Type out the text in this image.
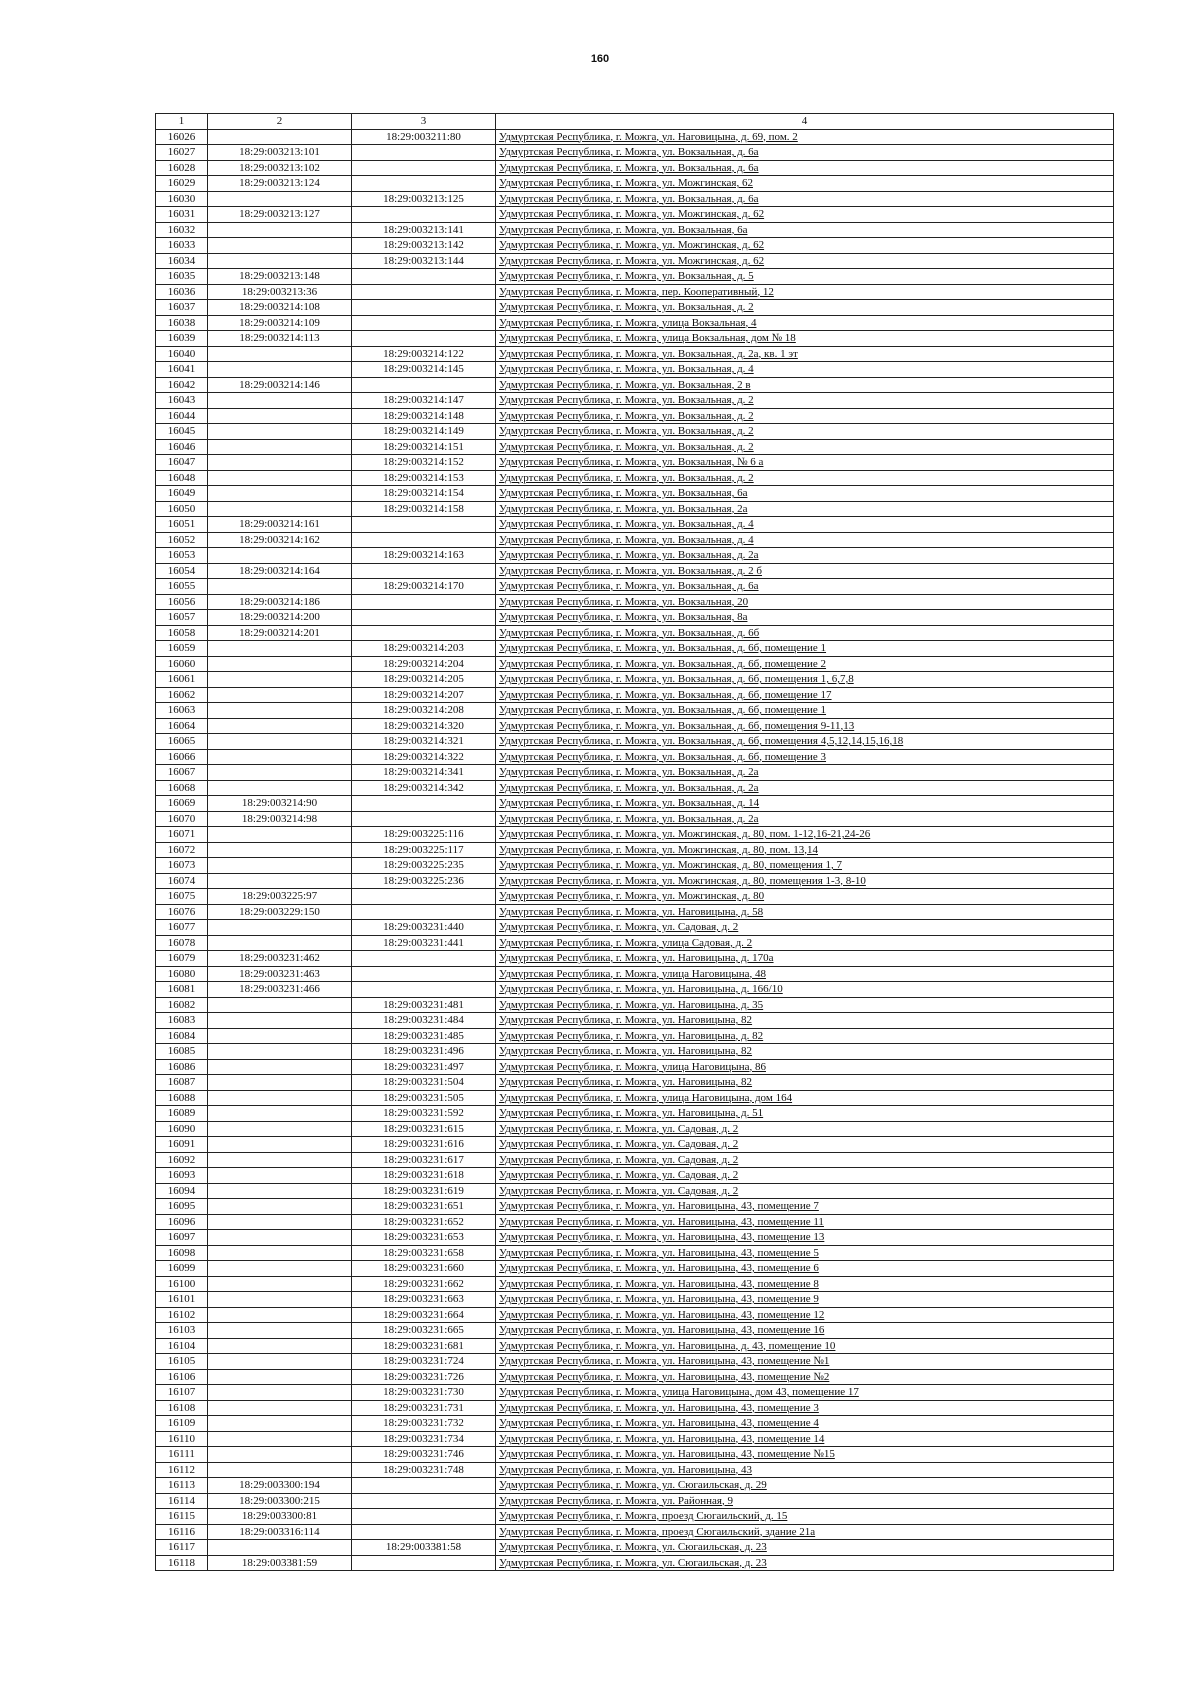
160
1	2	3	4
16026		18:29:003211:80	Удмуртская Республика, г. Можга, ул. Наговицына, д. 69, пом. 2
16027	18:29:003213:101		Удмуртская Республика, г. Можга, ул. Вокзальная, д. 6а
16028	18:29:003213:102		Удмуртская Республика, г. Можга, ул. Вокзальная, д. 6а
16029	18:29:003213:124		Удмуртская Республика, г. Можга, ул. Можгинская, 62
16030		18:29:003213:125	Удмуртская Республика, г. Можга, ул. Вокзальная, д. 6а
16031	18:29:003213:127		Удмуртская Республика, г. Можга, ул. Можгинская, д. 62
16032		18:29:003213:141	Удмуртская Республика, г. Можга, ул. Вокзальная, 6а
16033		18:29:003213:142	Удмуртская Республика, г. Можга, ул. Можгинская, д. 62
16034		18:29:003213:144	Удмуртская Республика, г. Можга, ул. Можгинская, д. 62
16035	18:29:003213:148		Удмуртская Республика, г. Можга, ул. Вокзальная, д. 5
16036	18:29:003213:36		Удмуртская Республика, г. Можга, пер. Кооперативный, 12
16037	18:29:003214:108		Удмуртская Республика, г. Можга, ул. Вокзальная, д. 2
16038	18:29:003214:109		Удмуртская Республика, г. Можга, улица Вокзальная, 4
16039	18:29:003214:113		Удмуртская Республика, г. Можга, улица Вокзальная, дом № 18
16040		18:29:003214:122	Удмуртская Республика, г. Можга, ул. Вокзальная, д. 2а, кв. 1 эт
16041		18:29:003214:145	Удмуртская Республика, г. Можга, ул. Вокзальная, д. 4
16042	18:29:003214:146		Удмуртская Республика, г. Можга, ул. Вокзальная, 2 в
16043		18:29:003214:147	Удмуртская Республика, г. Можга, ул. Вокзальная, д. 2
16044		18:29:003214:148	Удмуртская Республика, г. Можга, ул. Вокзальная, д. 2
16045		18:29:003214:149	Удмуртская Республика, г. Можга, ул. Вокзальная, д. 2
16046		18:29:003214:151	Удмуртская Республика, г. Можга, ул. Вокзальная, д. 2
16047		18:29:003214:152	Удмуртская Республика, г. Можга, ул. Вокзальная, № 6 а
16048		18:29:003214:153	Удмуртская Республика, г. Можга, ул. Вокзальная, д. 2
16049		18:29:003214:154	Удмуртская Республика, г. Можга, ул. Вокзальная, 6а
16050		18:29:003214:158	Удмуртская Республика, г. Можга, ул. Вокзальная, 2а
16051	18:29:003214:161		Удмуртская Республика, г. Можга, ул. Вокзальная, д. 4
16052	18:29:003214:162		Удмуртская Республика, г. Можга, ул. Вокзальная, д. 4
16053		18:29:003214:163	Удмуртская Республика, г. Можга, ул. Вокзальная, д. 2а
16054	18:29:003214:164		Удмуртская Республика, г. Можга, ул. Вокзальная, д. 2 б
16055		18:29:003214:170	Удмуртская Республика, г. Можга, ул. Вокзальная, д. 6а
16056	18:29:003214:186		Удмуртская Республика, г. Можга, ул. Вокзальная, 20
16057	18:29:003214:200		Удмуртская Республика, г. Можга, ул. Вокзальная, 8а
16058	18:29:003214:201		Удмуртская Республика, г. Можга, ул. Вокзальная, д. 6б
16059		18:29:003214:203	Удмуртская Республика, г. Можга, ул. Вокзальная, д. 6б, помещение 1
16060		18:29:003214:204	Удмуртская Республика, г. Можга, ул. Вокзальная, д. 6б, помещение 2
16061		18:29:003214:205	Удмуртская Республика, г. Можга, ул. Вокзальная, д. 6б, помещения 1, 6,7,8
16062		18:29:003214:207	Удмуртская Республика, г. Можга, ул. Вокзальная, д. 6б, помещение 17
16063		18:29:003214:208	Удмуртская Республика, г. Можга, ул. Вокзальная, д. 6б, помещение 1
16064		18:29:003214:320	Удмуртская Республика, г. Можга, ул. Вокзальная, д. 6б, помещения 9-11,13
16065		18:29:003214:321	Удмуртская Республика, г. Можга, ул. Вокзальная, д. 6б, помещения 4,5,12,14,15,16,18
16066		18:29:003214:322	Удмуртская Республика, г. Можга, ул. Вокзальная, д. 6б, помещение 3
16067		18:29:003214:341	Удмуртская Республика, г. Можга, ул. Вокзальная, д. 2а
16068		18:29:003214:342	Удмуртская Республика, г. Можга, ул. Вокзальная, д. 2а
16069	18:29:003214:90		Удмуртская Республика, г. Можга, ул. Вокзальная, д. 14
16070	18:29:003214:98		Удмуртская Республика, г. Можга, ул. Вокзальная, д. 2а
16071		18:29:003225:116	Удмуртская Республика, г. Можга, ул. Можгинская, д. 80, пом. 1-12,16-21,24-26
16072		18:29:003225:117	Удмуртская Республика, г. Можга, ул. Можгинская, д. 80, пом. 13,14
16073		18:29:003225:235	Удмуртская Республика, г. Можга, ул. Можгинская, д. 80, помещения 1, 7
16074		18:29:003225:236	Удмуртская Республика, г. Можга, ул. Можгинская, д. 80, помещения 1-3, 8-10
16075	18:29:003225:97		Удмуртская Республика, г. Можга, ул. Можгинская, д. 80
16076	18:29:003229:150		Удмуртская Республика, г. Можга, ул. Наговицына, д. 58
16077		18:29:003231:440	Удмуртская Республика, г. Можга, ул. Садовая, д. 2
16078		18:29:003231:441	Удмуртская Республика, г. Можга, улица Садовая, д. 2
16079	18:29:003231:462		Удмуртская Республика, г. Можга, ул. Наговицына, д. 170а
16080	18:29:003231:463		Удмуртская Республика, г. Можга, улица Наговицына, 48
16081	18:29:003231:466		Удмуртская Республика, г. Можга, ул. Наговицына, д. 166/10
16082		18:29:003231:481	Удмуртская Республика, г. Можга, ул. Наговицына, д. 35
16083		18:29:003231:484	Удмуртская Республика, г. Можга, ул. Наговицына, 82
16084		18:29:003231:485	Удмуртская Республика, г. Можга, ул. Наговицына, д. 82
16085		18:29:003231:496	Удмуртская Республика, г. Можга, ул. Наговицына, 82
16086		18:29:003231:497	Удмуртская Республика, г. Можга, улица Наговицына, 86
16087		18:29:003231:504	Удмуртская Республика, г. Можга, ул. Наговицына, 82
16088		18:29:003231:505	Удмуртская Республика, г. Можга, улица Наговицына, дом 164
16089		18:29:003231:592	Удмуртская Республика, г. Можга, ул. Наговицына, д. 51
16090		18:29:003231:615	Удмуртская Республика, г. Можга, ул. Садовая, д. 2
16091		18:29:003231:616	Удмуртская Республика, г. Можга, ул. Садовая, д. 2
16092		18:29:003231:617	Удмуртская Республика, г. Можга, ул. Садовая, д. 2
16093		18:29:003231:618	Удмуртская Республика, г. Можга, ул. Садовая, д. 2
16094		18:29:003231:619	Удмуртская Республика, г. Можга, ул. Садовая, д. 2
16095		18:29:003231:651	Удмуртская Республика, г. Можга, ул. Наговицына, 43, помещение 7
16096		18:29:003231:652	Удмуртская Республика, г. Можга, ул. Наговицына, 43, помещение 11
16097		18:29:003231:653	Удмуртская Республика, г. Можга, ул. Наговицына, 43, помещение 13
16098		18:29:003231:658	Удмуртская Республика, г. Можга, ул. Наговицына, 43, помещение 5
16099		18:29:003231:660	Удмуртская Республика, г. Можга, ул. Наговицына, 43, помещение 6
16100		18:29:003231:662	Удмуртская Республика, г. Можга, ул. Наговицына, 43, помещение 8
16101		18:29:003231:663	Удмуртская Республика, г. Можга, ул. Наговицына, 43, помещение 9
16102		18:29:003231:664	Удмуртская Республика, г. Можга, ул. Наговицына, 43, помещение 12
16103		18:29:003231:665	Удмуртская Республика, г. Можга, ул. Наговицына, 43, помещение 16
16104		18:29:003231:681	Удмуртская Республика, г. Можга, ул. Наговицына, д. 43, помещение 10
16105		18:29:003231:724	Удмуртская Республика, г. Можга, ул. Наговицына, 43, помещение №1
16106		18:29:003231:726	Удмуртская Республика, г. Можга, ул. Наговицына, 43, помещение №2
16107		18:29:003231:730	Удмуртская Республика, г. Можга, улица Наговицына, дом 43, помещение 17
16108		18:29:003231:731	Удмуртская Республика, г. Можга, ул. Наговицына, 43, помещение 3
16109		18:29:003231:732	Удмуртская Республика, г. Можга, ул. Наговицына, 43, помещение 4
16110		18:29:003231:734	Удмуртская Республика, г. Можга, ул. Наговицына, 43, помещение 14
16111		18:29:003231:746	Удмуртская Республика, г. Можга, ул. Наговицына, 43, помещение №15
16112		18:29:003231:748	Удмуртская Республика, г. Можга, ул. Наговицына, 43
16113	18:29:003300:194		Удмуртская Республика, г. Можга, ул. Сюгаильская, д. 29
16114	18:29:003300:215		Удмуртская Республика, г. Можга, ул. Районная, 9
16115	18:29:003300:81		Удмуртская Республика, г. Можга, проезд Сюгаильский, д. 15
16116	18:29:003316:114		Удмуртская Республика, г. Можга, проезд Сюгаильский, здание 21а
16117		18:29:003381:58	Удмуртская Республика, г. Можга, ул. Сюгаильская, д. 23
16118	18:29:003381:59		Удмуртская Республика, г. Можга, ул. Сюгаильская, д. 23
